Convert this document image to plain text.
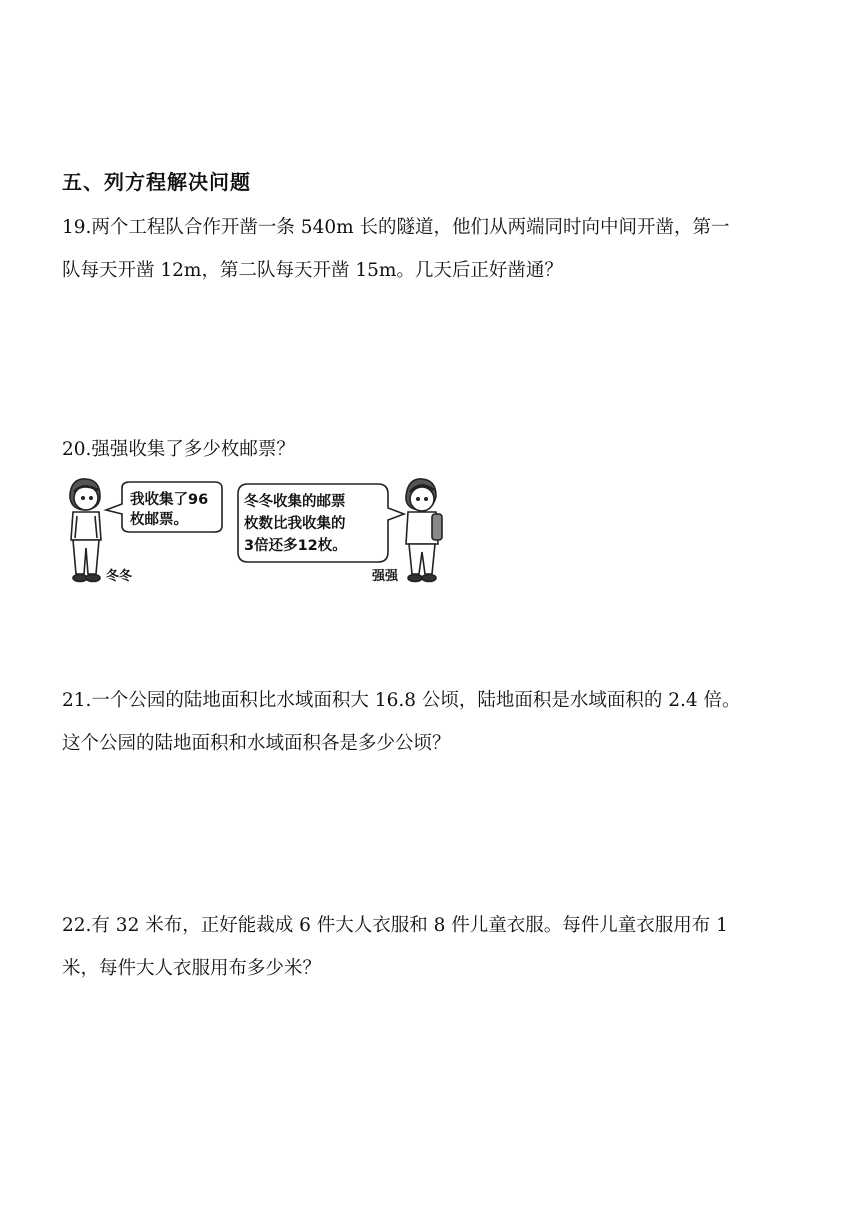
五、列方程解决问题

19.两个工程队合作开凿一条 540m 长的隧道，他们从两端同时向中间开凿，第一

队每天开凿 12m，第二队每天开凿 15m。几天后正好凿通？

20.强强收集了多少枚邮票？

冬冬
我收集了96
枚邮票。
冬冬收集的邮票
枚数比我收集的
3倍还多12枚。
强强

21.一个公园的陆地面积比水域面积大 16.8 公顷，陆地面积是水域面积的 2.4 倍。

这个公园的陆地面积和水域面积各是多少公顷？

22.有 32 米布，正好能裁成 6 件大人衣服和 8 件儿童衣服。每件儿童衣服用布 1

米，每件大人衣服用布多少米？
